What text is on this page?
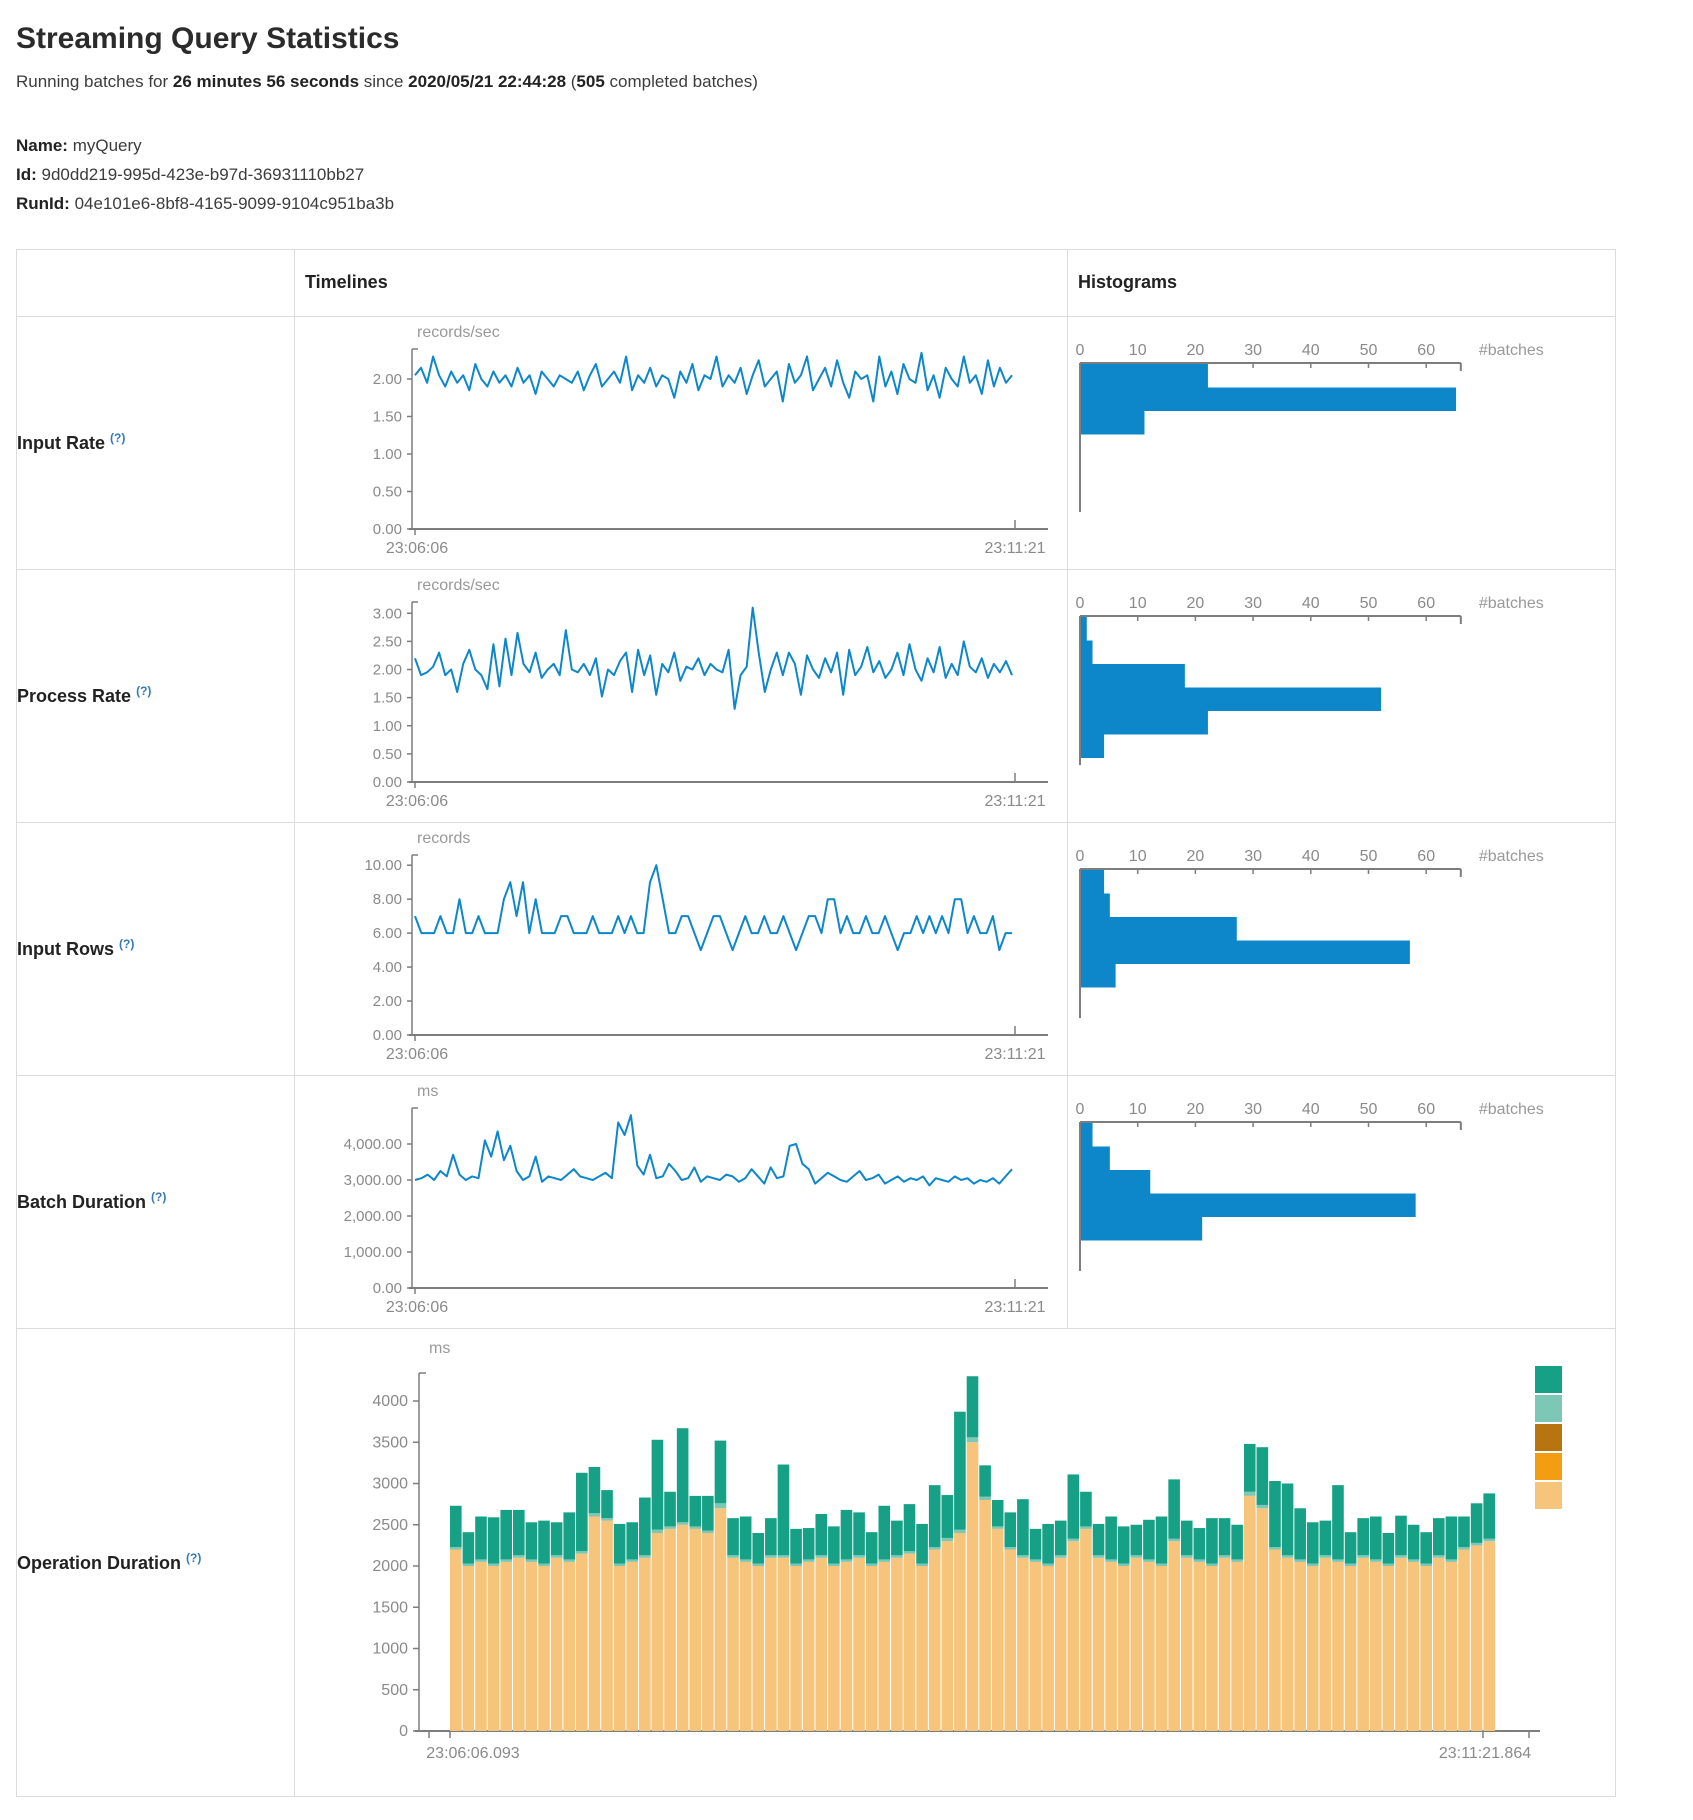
Streaming Query Statistics

Running batches for 26 minutes 56 seconds since 2020/05/21 22:44:28 (505 completed batches)

Name: myQuery
Id: 9d0dd219-995d-423e-b97d-36931110bb27
RunId: 04e101e6-8bf8-4165-9099-9104c951ba3b
	Timelines	Histograms
Input Rate (?)	
records/sec
2.00
1.50
1.00
0.50
0.00
23:06:06	23:11:21

0	10 20 30 40 50 60	#batches

Process Rate (?)	
records/sec
3.00
2.50
2.00
1.50
1.00
0.50
0.00
23:06:06	23:11:21

0	10 20 30 40 50 60	#batches

Input Rows (?)	
records
10.00
8.00
6.00
4.00
2.00
0.00
23:06:06	23:11:21

0	10 20 30 40 50 60	#batches

Batch Duration (?)	
ms
4,000.00
3,000.00
2,000.00
1,000.00
0.00
23:06:06	23:11:21

0	10 20 30 40 50 60	#batches

Operation Duration (?)	
ms
4000
3500
3000
2500
2000
1500
1000
500
0
23:06:06.093	23:11:21.864
